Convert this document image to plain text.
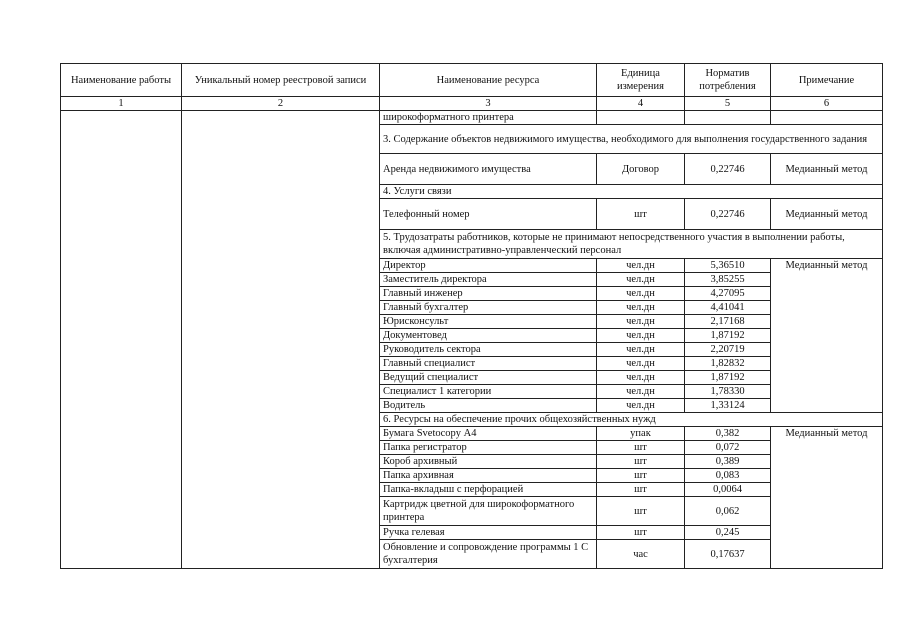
Наименование работы	Уникальный номер реестровой записи	Наименование ресурса	Единица измерения	Норматив потребления	Примечание
1	2	3	4	5	6
		широкоформатного принтера			
		3. Содержание объектов недвижимого имущества, необходимого для выполнения государственного задания			
		Аренда недвижимого имущества	Договор	0,22746	Медианный метод
		4. Услуги связи			
		Телефонный номер	шт	0,22746	Медианный метод
		5. Трудозатраты работников, которые не принимают непосредственного участия в выполнении работы, включая административно-управленческий персонал			
		Директор	чел.дн	5,36510	Медианный метод
		Заместитель директора	чел.дн	3,85255	
		Главный инженер	чел.дн	4,27095	
		Главный бухгалтер	чел.дн	4,41041	
		Юрисконсульт	чел.дн	2,17168	
		Документовед	чел.дн	1,87192	
		Руководитель сектора	чел.дн	2,20719	
		Главный специалист	чел.дн	1,82832	
		Ведущий специалист	чел.дн	1,87192	
		Специалист 1 категории	чел.дн	1,78330	
		Водитель	чел.дн	1,33124	
		6. Ресурсы на обеспечение прочих общехозяйственных нужд			
		Бумага Svetocopy А4	упак	0,382	Медианный метод
		Папка регистратор	шт	0,072	
		Короб архивный	шт	0,389	
		Папка архивная	шт	0,083	
		Папка-вкладыш с перфорацией	шт	0,0064	
		Картридж цветной для широкоформатного принтера	шт	0,062	
		Ручка гелевая	шт	0,245	
		Обновление и сопровождение программы 1 С бухгалтерия	час	0,17637	
